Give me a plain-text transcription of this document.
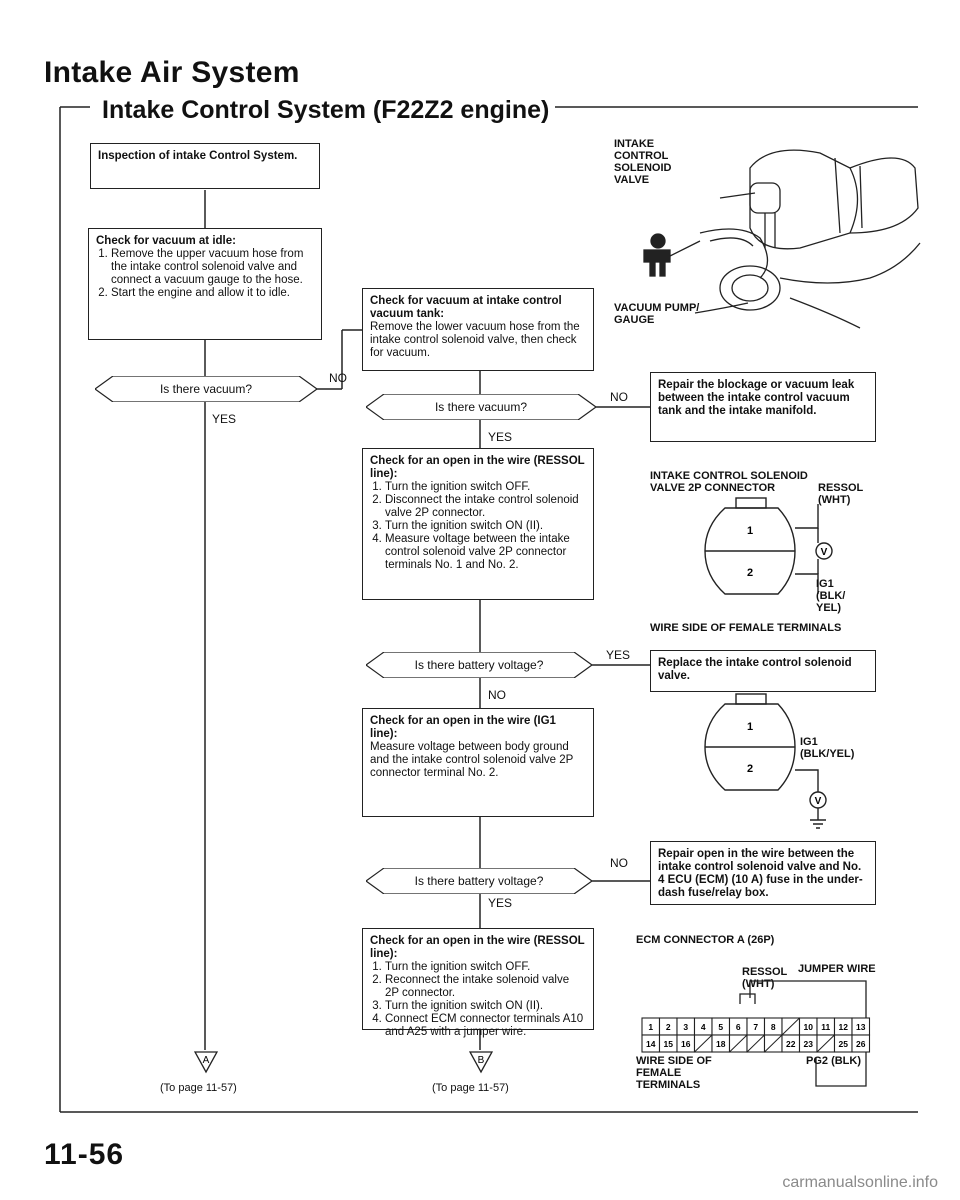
Intake Air System
Intake Control System (F22Z2 engine)
Inspection of intake Control System.
Check for vacuum at idle:
1. Remove the upper vacuum hose from the intake control solenoid valve and connect a vacuum gauge to the hose.
2. Start the engine and allow it to idle.
Is there vacuum?
NO
YES
Check for vacuum at intake control vacuum tank:

Remove the lower vacuum hose from the intake control solenoid valve, then check for vacuum.

Is there vacuum?
NO
YES
Repair the blockage or vacuum leak between the intake control vacuum tank and the intake manifold.
Check for an open in the wire (RESSOL line):
1. Turn the ignition switch OFF.
2. Disconnect the intake control solenoid valve 2P connector.
3. Turn the ignition switch ON (II).
4. Measure voltage between the intake control solenoid valve 2P connector terminals No. 1 and No. 2.
Is there battery voltage?
YES
NO
Replace the intake control solenoid valve.
Check for an open in the wire (IG1 line):

Measure voltage between body ground and the intake control solenoid valve 2P connector terminal No. 2.

Is there battery voltage?
NO
YES
Repair open in the wire between the intake control solenoid valve and No. 4 ECU (ECM) (10 A) fuse in the under-dash fuse/relay box.
Check for an open in the wire (RESSOL line):
1. Turn the ignition switch OFF.
2. Reconnect the intake solenoid valve 2P connector.
3. Turn the ignition switch ON (II).
4. Connect ECM connector terminals A10 and A25 with a jumper wire.
A
(To page 11-57)
B
(To page 11-57)
INTAKE
CONTROL
SOLENOID
VALVE
VACUUM PUMP/
GAUGE
INTAKE CONTROL SOLENOID
VALVE 2P CONNECTOR	RESSOL
(WHT)
1
2
V
IG1
(BLK/
YEL)
WIRE SIDE OF FEMALE TERMINALS
1
2
V
IG1
(BLK/YEL)
ECM CONNECTOR A (26P)
RESSOL
(WHT)
JUMPER WIRE
1 2 3 4 5 6 7 8	10 11 12 13
14 15 16	18	22 23	25 26
WIRE SIDE OF
FEMALE
TERMINALS
PG2 (BLK)
11-56
carmanualsonline.info
